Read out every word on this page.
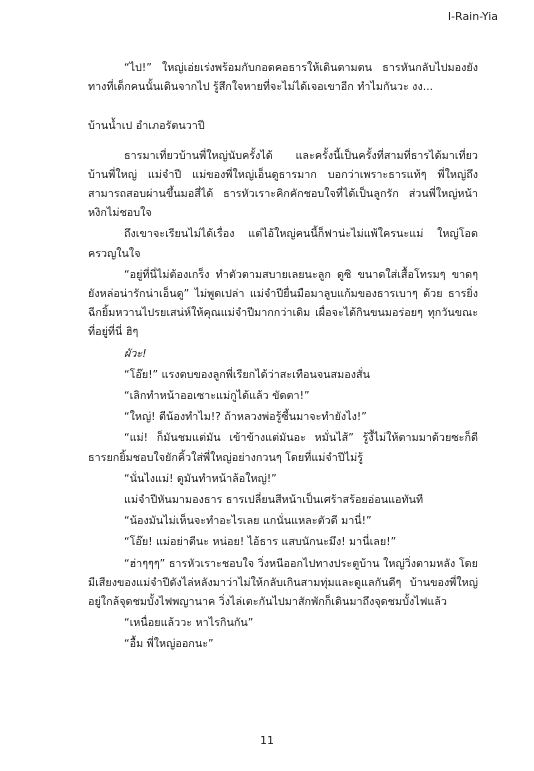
I-Rain-Yia

“ไป!” ใหญ่เอ่ยเร่งพร้อมกับกอดคอธารให้เดินตามตน ธารหันกลับไปมองยังทางที่เด็กคนนั้นเดินจากไป รู้สึกใจหายที่จะไม่ได้เจอเขาอีก ทำไมกันวะ งง...

บ้านน้ำเป อำเภอรัตนวาปี

ธารมาเที่ยวบ้านพี่ใหญ่นับครั้งได้ และครั้งนี้เป็นครั้งที่สามที่ธารได้มาเที่ยวบ้านพี่ใหญ่ แม่จำปี แม่ของพี่ใหญ่เอ็นดูธารมาก บอกว่าเพราะธารแท้ๆ พี่ใหญ่ถึงสามารถสอบผ่านขึ้นมอสี่ได้ ธารหัวเราะคิกคักชอบใจที่ได้เป็นลูกรัก ส่วนพี่ใหญ่หน้าหงิกไม่ชอบใจ

ถึงเขาจะเรียนไม่ได้เรื่อง แต่ไอ้ใหญ่คนนี้ก็ฟาน่ะไม่แพ้ใครนะแม่ ใหญ่โอดครวญในใจ

“อยู่ที่นี่ไม่ต้องเกร็ง ทำตัวตามสบายเลยนะลูก ดูซิ ขนาดใส่เสื้อโทรมๆ ขาดๆ ยังหล่อน่ารักน่าเอ็นดู” ไม่พูดเปล่า แม่จำปียื่นมือมาลูบแก้มของธารเบาๆ ด้วย ธารยิ่งฉีกยิ้มหวานไปรยเสน่ห์ให้คุณแม่จำปีมากกว่าเดิม เผื่อจะได้กินขนมอร่อยๆ ทุกวันขณะที่อยู่ที่นี่ ฮิๆ

ผัวะ!

“โอ๊ย!” แรงตบของลูกพี่เรียกได้ว่าสะเทือนจนสมองสั่น

“เลิกทำหน้าออเซาะแม่กูได้แล้ว ขัดตา!”

“ใหญ่! ตีน้องทำไม!? ถ้าหลวงพ่อรู้ซี้นมาจะทำยังไง!”

“แม่! ก็มันชมแต่มัน เข้าข้างแต่มันอะ หมั่นไส้” รู้งี้ไม่ให้ตามมาด้วยซะก็ดี ธารยกยิ้มชอบใจยักคิ้วใส่พี่ใหญ่อย่างกวนๆ โดยที่แม่จำปีไม่รู้

“นั่นไงแม่! ดูมันทำหน้าล้อใหญ่!”

แม่จำปีหันมามองธาร ธารเปลี่ยนสีหน้าเป็นเศร้าสร้อยอ่อนแอทันที

“น้องมันไม่เห็นจะทำอะไรเลย แกนั่นแหละตัวดี มานี่!”

“โอ๊ย! แม่อย่าตีนะ หน่อย! ไอ้ธาร แสบนักนะมึง! มานี่เลย!”

“ฮ่าๆๆๆ” ธารหัวเราะชอบใจ วิ่งหนีออกไปทางประตูบ้าน ใหญ่วิ่งตามหลัง โดยมีเสียงของแม่จำปีดังไล่หลังมาว่าไม่ให้กลับเกินสามทุ่มและดูแลกันดีๆ บ้านของพี่ใหญ่อยู่ใกล้จุดชมบั้งไฟพญานาค วิ่งไล่เตะกันไปมาสักพักก็เดินมาถึงจุดชมบั้งไฟแล้ว

“เหนื่อยแล้ววะ หาไรกินกัน”

“อื้ม พี่ใหญ่ออกนะ”

11
